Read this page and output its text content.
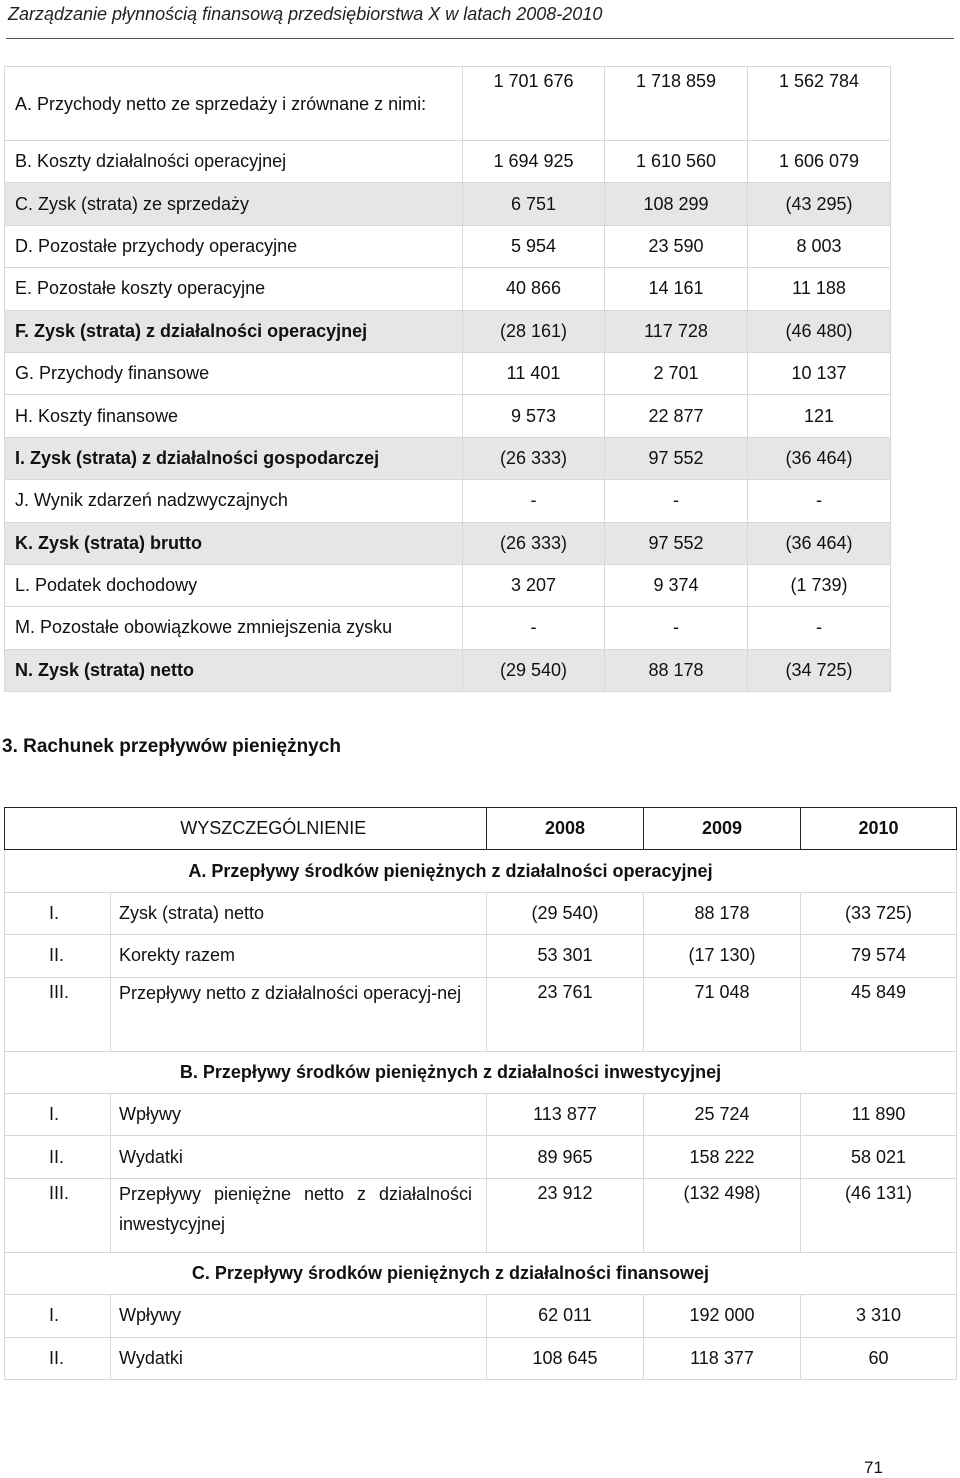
Zarządzanie płynnością finansową przedsiębiorstwa X w latach 2008-2010
A. Przychody netto ze sprzedaży i zrównane z nimi:	1 701 676	1 718 859	1 562 784
B. Koszty działalności operacyjnej	1 694 925	1 610 560	1 606 079
C. Zysk (strata) ze sprzedaży	6 751	108 299	(43 295)
D. Pozostałe przychody operacyjne	5 954	23 590	8 003
E. Pozostałe koszty operacyjne	40 866	14 161	11 188
F. Zysk (strata) z działalności operacyjnej	(28 161)	117 728	(46 480)
G. Przychody finansowe	11 401	2 701	10 137
H. Koszty finansowe	9 573	22 877	121
I. Zysk (strata) z działalności gospodarczej	(26 333)	97 552	(36 464)
J. Wynik zdarzeń nadzwyczajnych	-	-	-
K. Zysk (strata) brutto	(26 333)	97 552	(36 464)
L. Podatek dochodowy	3 207	9 374	(1 739)
M. Pozostałe obowiązkowe zmniejszenia zysku	-	-	-
N. Zysk (strata) netto	(29 540)	88 178	(34 725)
3. Rachunek przepływów pieniężnych
	WYSZCZEGÓLNIENIE	2008	2009	2010
A. Przepływy środków pieniężnych z działalności operacyjnej				
I.	Zysk (strata) netto	(29 540)	88 178	(33 725)
II.	Korekty razem	53 301	(17 130)	79 574
III.	Przepływy netto z działalności operacyj-nej	23 761	71 048	45 849
B. Przepływy środków pieniężnych z działalności inwestycyjnej				
I.	Wpływy	113 877	25 724	11 890
II.	Wydatki	89 965	158 222	58 021
III.	Przepływy pieniężne netto z działalności inwestycyjnej	23 912	(132 498)	(46 131)
C. Przepływy środków pieniężnych z działalności finansowej				
I.	Wpływy	62 011	192 000	3 310
II.	Wydatki	108 645	118 377	60
71
